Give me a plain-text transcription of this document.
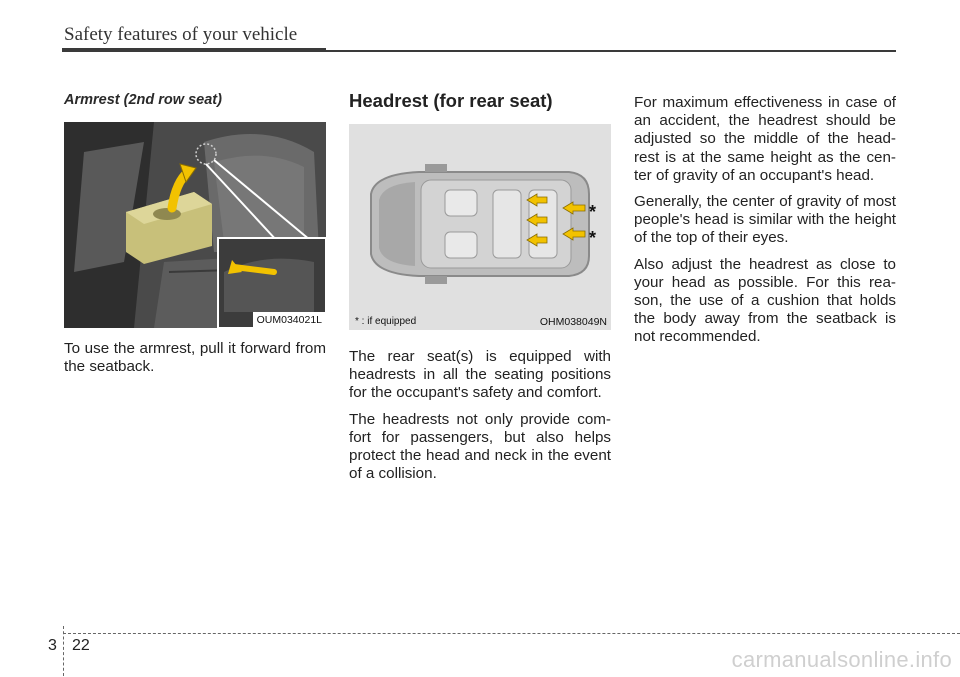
Safety features of your vehicle
Armrest (2nd row seat)
OUM034021L

To use the armrest, pull it forward from the seatback.

Headrest (for rear seat)
*
*
* : if equipped	OHM038049N

The rear seat(s) is equipped with headrests in all the seating positions for the occupant's safety and comfort.

The headrests not only provide com-fort for passengers, but also helps protect the head and neck in the event of a collision.

For maximum effectiveness in case of an accident, the headrest should be adjusted so the middle of the head-rest is at the same height as the cen-ter of gravity of an occupant's head.

Generally, the center of gravity of most people's head is similar with the height of the top of their eyes.

Also adjust the headrest as close to your head as possible. For this rea-son, the use of a cushion that holds the body away from the seatback is not recommended.

3 22
carmanualsonline.info
